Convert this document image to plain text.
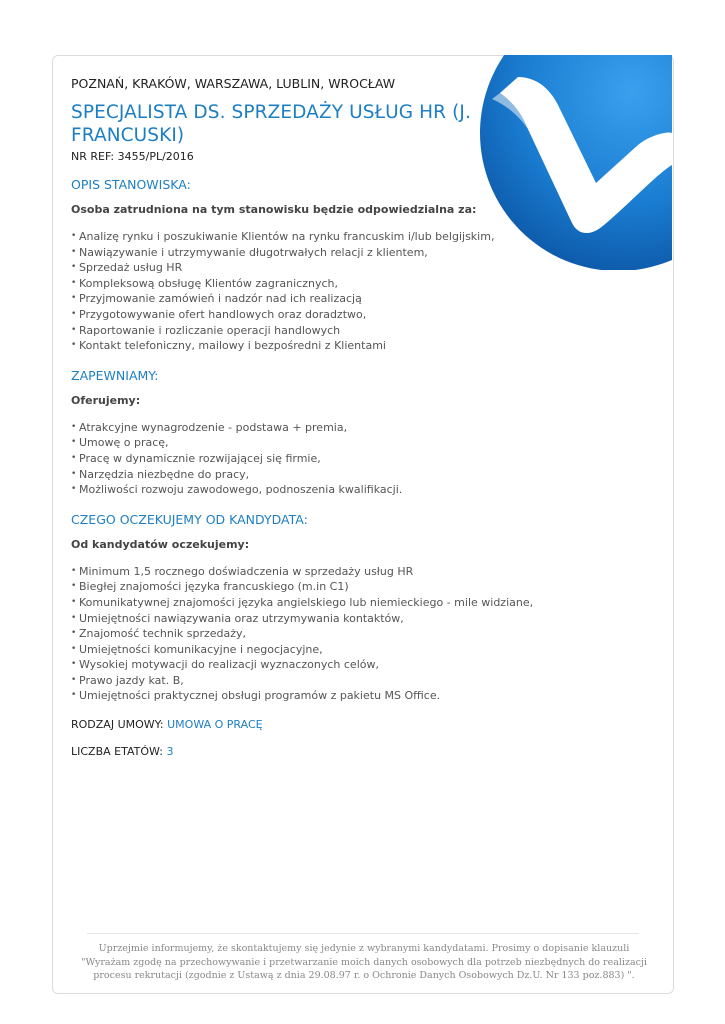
POZNAŃ, KRAKÓW, WARSZAWA, LUBLIN, WROCŁAW
SPECJALISTA DS. SPRZEDAŻY USŁUG HR (J. FRANCUSKI)
NR REF: 3455/PL/2016
OPIS STANOWISKA:
Osoba zatrudniona na tym stanowisku będzie odpowiedzialna za:
• Analizę rynku i poszukiwanie Klientów na rynku francuskim i/lub belgijskim,
• Nawiązywanie i utrzymywanie długotrwałych relacji z klientem,
• Sprzedaż usług HR
• Kompleksową obsługę Klientów zagranicznych,
• Przyjmowanie zamówień i nadzór nad ich realizacją
• Przygotowywanie ofert handlowych oraz doradztwo,
• Raportowanie i rozliczanie operacji handlowych
• Kontakt telefoniczny, mailowy i bezpośredni z Klientami
ZAPEWNIAMY:
Oferujemy:
• Atrakcyjne wynagrodzenie - podstawa + premia,
• Umowę o pracę,
• Pracę w dynamicznie rozwijającej się firmie,
• Narzędzia niezbędne do pracy,
• Możliwości rozwoju zawodowego, podnoszenia kwalifikacji.
CZEGO OCZEKUJEMY OD KANDYDATA:
Od kandydatów oczekujemy:
• Minimum 1,5 rocznego doświadczenia w sprzedaży usług HR
• Biegłej znajomości języka francuskiego (m.in C1)
• Komunikatywnej znajomości języka angielskiego lub niemieckiego - mile widziane,
• Umiejętności nawiązywania oraz utrzymywania kontaktów,
• Znajomość technik sprzedaży,
• Umiejętności komunikacyjne i negocjacyjne,
• Wysokiej motywacji do realizacji wyznaczonych celów,
• Prawo jazdy kat. B,
• Umiejętności praktycznej obsługi programów z pakietu MS Office.
RODZAJ UMOWY: UMOWA O PRACĘ
LICZBA ETATÓW: 3
Uprzejmie informujemy, że skontaktujemy się jedynie z wybranymi kandydatami. Prosimy o dopisanie klauzuli "Wyrażam zgodę na przechowywanie i przetwarzanie moich danych osobowych dla potrzeb niezbędnych do realizacji procesu rekrutacji (zgodnie z Ustawą z dnia 29.08.97 r. o Ochronie Danych Osobowych Dz.U. Nr 133 poz.883) ".
